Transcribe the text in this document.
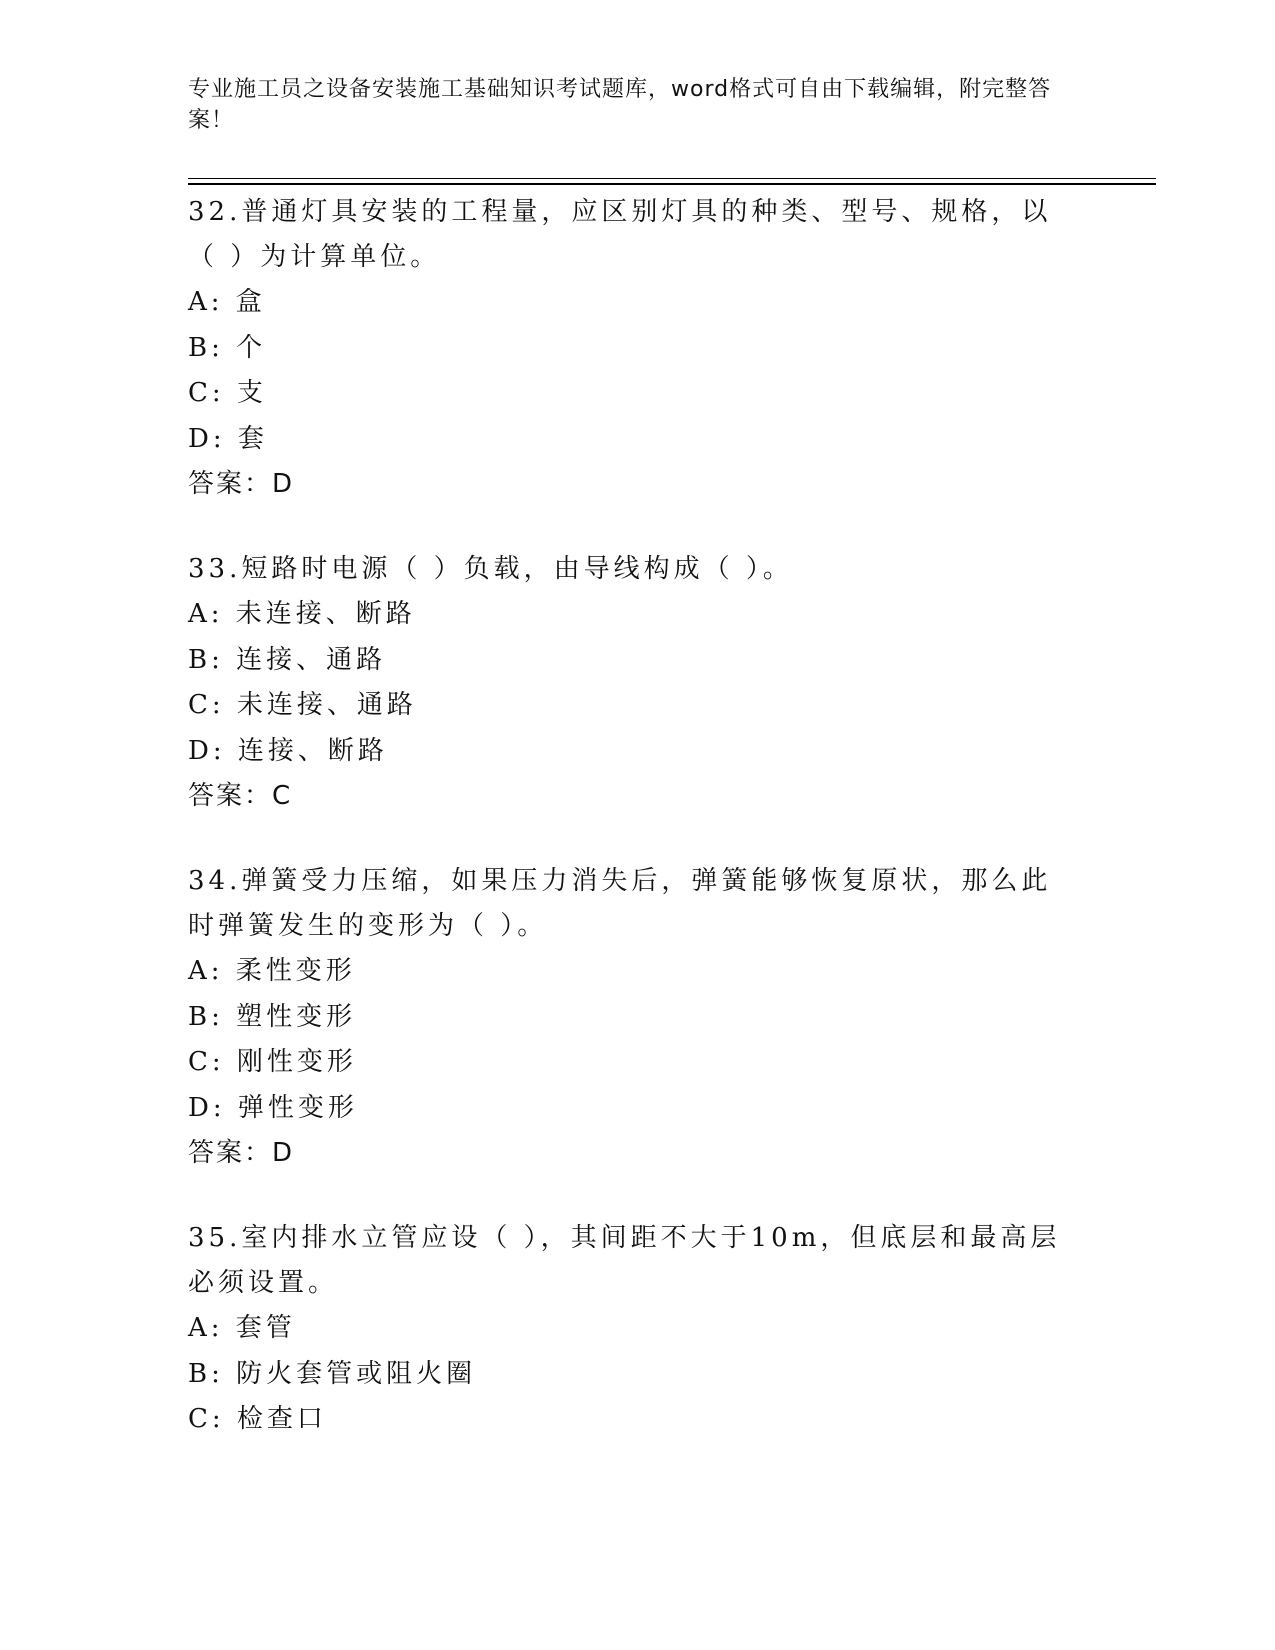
专业施工员之设备安装施工基础知识考试题库，word格式可自由下载编辑，附完整答案！

32.普通灯具安装的工程量，应区别灯具的种类、型号、规格，以（ ）为计算单位。

A: 盒

B: 个

C: 支

D: 套

答案：D

33.短路时电源（ ）负载，由导线构成（ ）。

A: 未连接、断路

B: 连接、通路

C: 未连接、通路

D: 连接、断路

答案：C

34.弹簧受力压缩，如果压力消失后，弹簧能够恢复原状，那么此时弹簧发生的变形为（ ）。

A: 柔性变形

B: 塑性变形

C: 刚性变形

D: 弹性变形

答案：D

35.室内排水立管应设（ ），其间距不大于10m，但底层和最高层必须设置。

A: 套管

B: 防火套管或阻火圈

C: 检查口
